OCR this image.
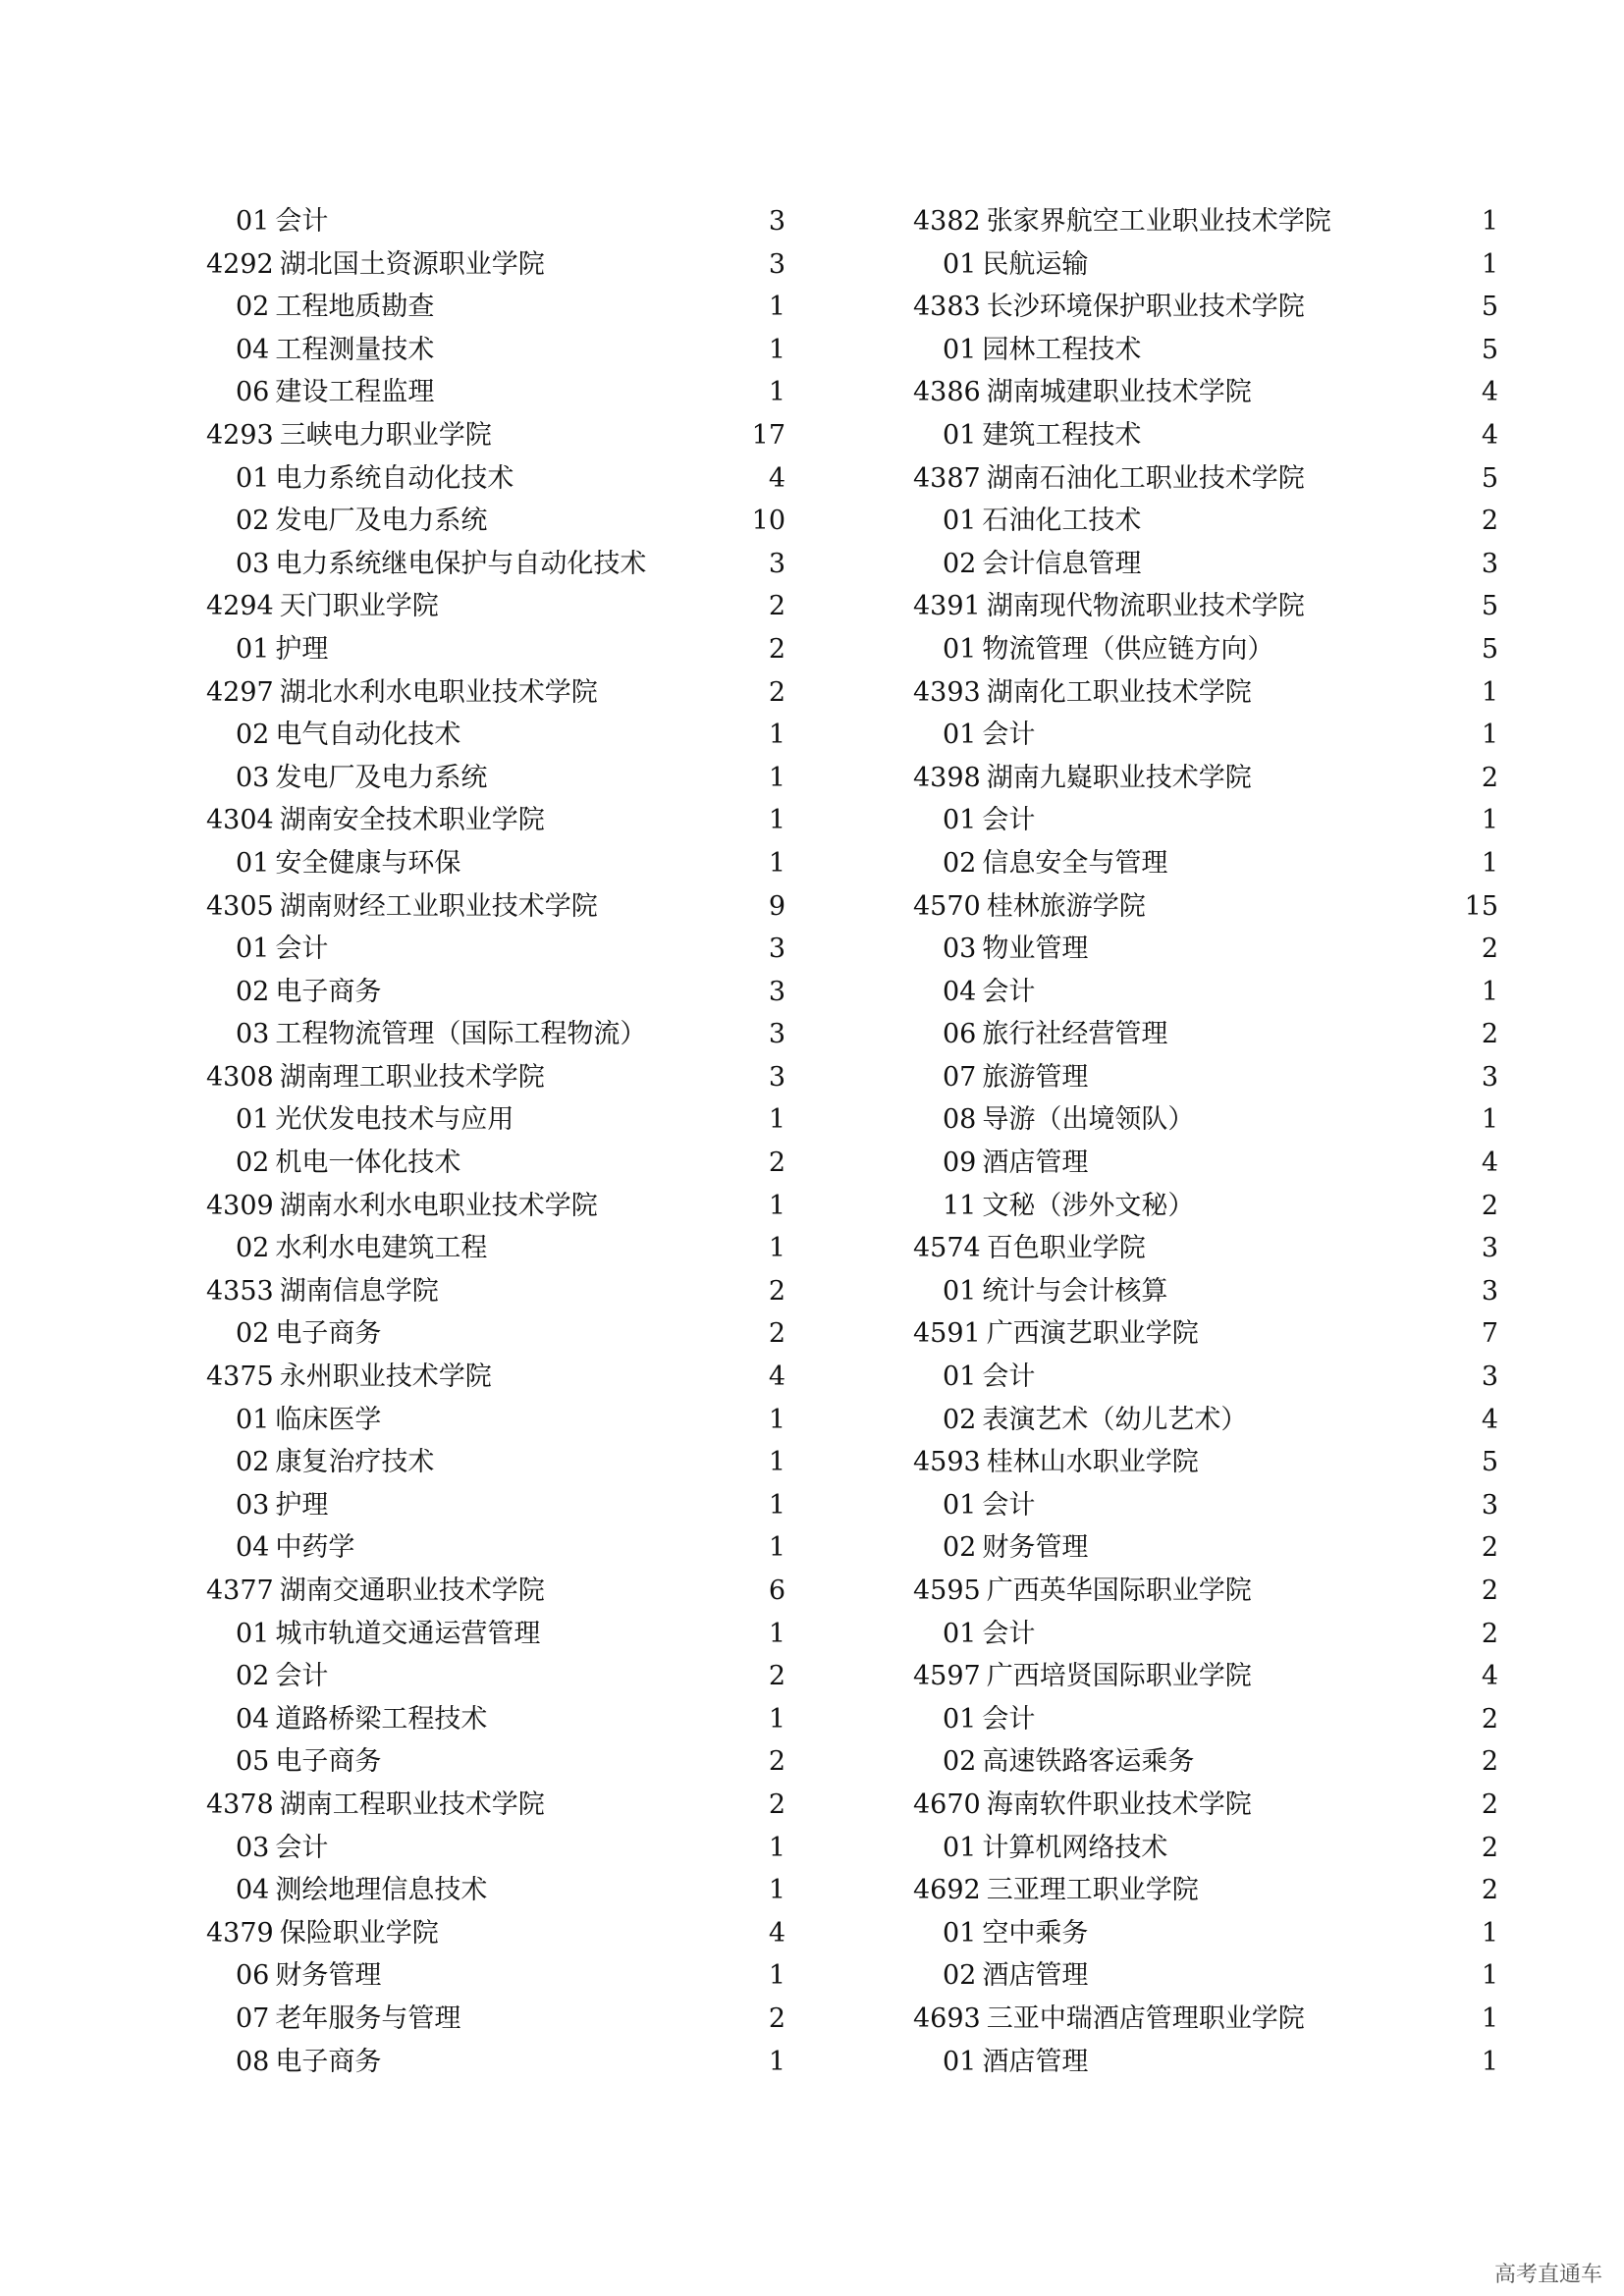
01 会计	3
4292 湖北国土资源职业学院	3
02 工程地质勘查	1
04 工程测量技术	1
06 建设工程监理	1
4293 三峡电力职业学院	17
01 电力系统自动化技术	4
02 发电厂及电力系统	10
03 电力系统继电保护与自动化技术	3
4294 天门职业学院	2
01 护理	2
4297 湖北水利水电职业技术学院	2
02 电气自动化技术	1
03 发电厂及电力系统	1
4304 湖南安全技术职业学院	1
01 安全健康与环保	1
4305 湖南财经工业职业技术学院	9
01 会计	3
02 电子商务	3
03 工程物流管理（国际工程物流）	3
4308 湖南理工职业技术学院	3
01 光伏发电技术与应用	1
02 机电一体化技术	2
4309 湖南水利水电职业技术学院	1
02 水利水电建筑工程	1
4353 湖南信息学院	2
02 电子商务	2
4375 永州职业技术学院	4
01 临床医学	1
02 康复治疗技术	1
03 护理	1
04 中药学	1
4377 湖南交通职业技术学院	6
01 城市轨道交通运营管理	1
02 会计	2
04 道路桥梁工程技术	1
05 电子商务	2
4378 湖南工程职业技术学院	2
03 会计	1
04 测绘地理信息技术	1
4379 保险职业学院	4
06 财务管理	1
07 老年服务与管理	2
08 电子商务	1
4382 张家界航空工业职业技术学院	1
01 民航运输	1
4383 长沙环境保护职业技术学院	5
01 园林工程技术	5
4386 湖南城建职业技术学院	4
01 建筑工程技术	4
4387 湖南石油化工职业技术学院	5
01 石油化工技术	2
02 会计信息管理	3
4391 湖南现代物流职业技术学院	5
01 物流管理（供应链方向）	5
4393 湖南化工职业技术学院	1
01 会计	1
4398 湖南九嶷职业技术学院	2
01 会计	1
02 信息安全与管理	1
4570 桂林旅游学院	15
03 物业管理	2
04 会计	1
06 旅行社经营管理	2
07 旅游管理	3
08 导游（出境领队）	1
09 酒店管理	4
11 文秘（涉外文秘）	2
4574 百色职业学院	3
01 统计与会计核算	3
4591 广西演艺职业学院	7
01 会计	3
02 表演艺术（幼儿艺术）	4
4593 桂林山水职业学院	5
01 会计	3
02 财务管理	2
4595 广西英华国际职业学院	2
01 会计	2
4597 广西培贤国际职业学院	4
01 会计	2
02 高速铁路客运乘务	2
4670 海南软件职业技术学院	2
01 计算机网络技术	2
4692 三亚理工职业学院	2
01 空中乘务	1
02 酒店管理	1
4693 三亚中瑞酒店管理职业学院	1
01 酒店管理	1
高考直通车
